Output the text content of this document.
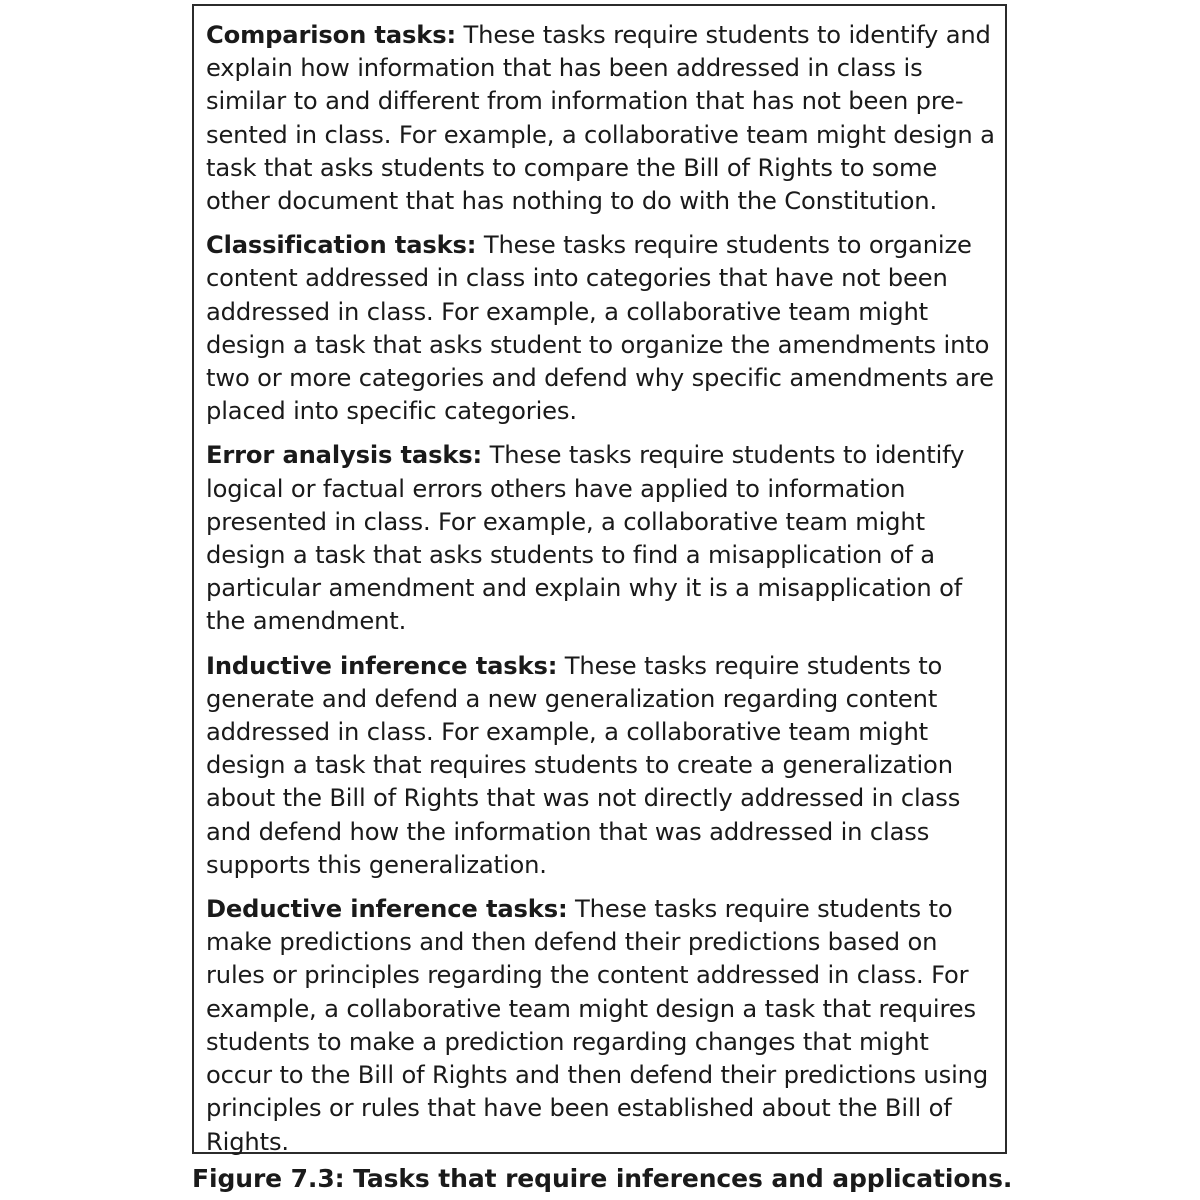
Comparison tasks: These tasks require students to identify and explain how information that has been addressed in class is similar to and different from information that has not been presented in class. For example, a collaborative team might design a task that asks students to compare the Bill of Rights to some other document that has nothing to do with the Constitution.

Classification tasks: These tasks require students to organize content addressed in class into categories that have not been addressed in class. For example, a collaborative team might design a task that asks student to organize the amendments into two or more categories and defend why specific amendments are placed into specific categories.

Error analysis tasks: These tasks require students to identify logical or factual errors others have applied to information presented in class. For example, a collaborative team might design a task that asks students to find a misapplication of a particular amendment and explain why it is a misapplication of the amendment.

Inductive inference tasks: These tasks require students to generate and defend a new generalization regarding content addressed in class. For example, a collaborative team might design a task that requires students to create a generalization about the Bill of Rights that was not directly addressed in class and defend how the information that was addressed in class supports this generalization.

Deductive inference tasks: These tasks require students to make predictions and then defend their predictions based on rules or principles regarding the content addressed in class. For example, a collaborative team might design a task that requires students to make a prediction regarding changes that might occur to the Bill of Rights and then defend their predictions using principles or rules that have been established about the Bill of Rights.

Figure 7.3: Tasks that require inferences and applications.
